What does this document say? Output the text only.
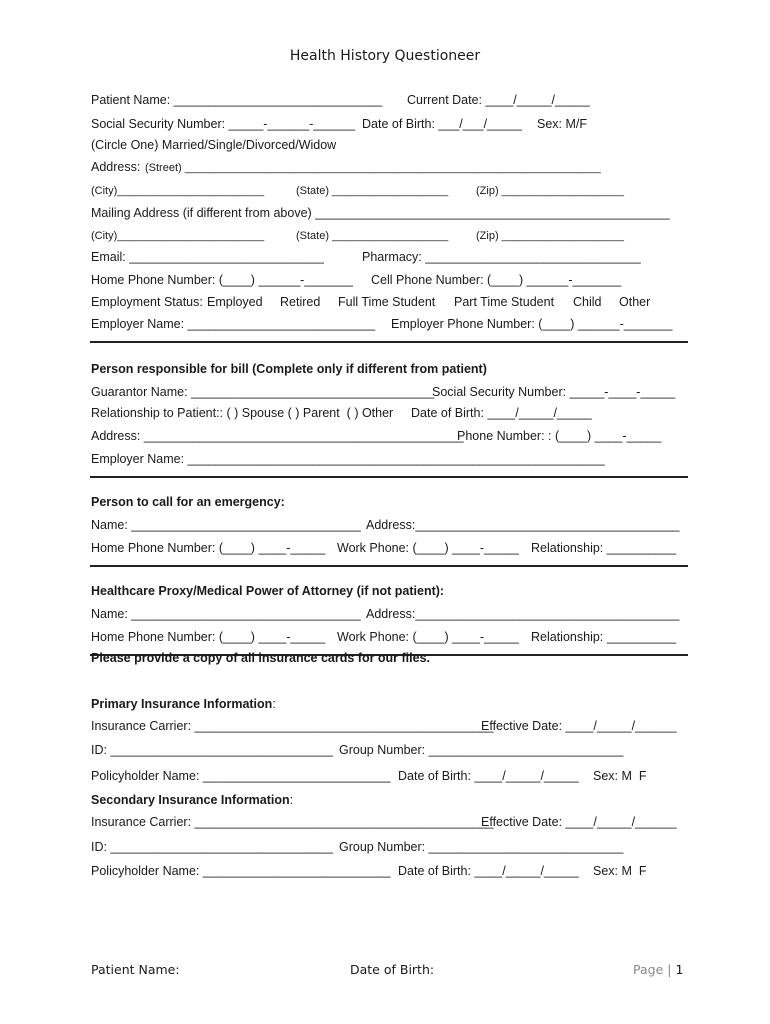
Health History Questioneer
Patient Name: ______________________________ Current Date: ____/_____/_____
Social Security Number: _____-______-______ Date of Birth: ___/___/_____ Sex: M/F
(Circle One) Married/Single/Divorced/Widow
Address: (Street) ____________________________________________________________________
(City)________________________	(State) ___________________	(Zip) ____________________
Mailing Address (if different from above) ___________________________________________________
(City)________________________	(State) ___________________	(Zip) ____________________
Email: ____________________________	Pharmacy: _______________________________
Home Phone Number: (____) ______-_______ Cell Phone Number: (____) ______-_______
Employment Status: Employed Retired Full Time Student Part Time Student Child Other
Employer Name: ___________________________ Employer Phone Number: (____) ______-_______
Person responsible for bill (Complete only if different from patient)
Guarantor Name: ___________________________________
Social Security Number: _____-____-_____
Relationship to Patient:: ( ) Spouse ( ) Parent  ( ) Other Date of Birth: ____/_____/_____
Address: ______________________________________________
Phone Number: : (____) ____-_____
Employer Name: ____________________________________________________________
Person to call for an emergency:
Name: _________________________________ Address:______________________________________
Home Phone Number: (____) ____-_____ Work Phone: (____) ____-_____ Relationship: __________
Healthcare Proxy/Medical Power of Attorney (if not patient):
Name: _________________________________ Address:______________________________________
Home Phone Number: (____) ____-_____ Work Phone: (____) ____-_____ Relationship: __________
Please provide a copy of all insurance cards for our files.
Primary Insurance Information:
Insurance Carrier: ___________________________________________
Effective Date: ____/_____/______
ID: ________________________________ Group Number: ____________________________
Policyholder Name: ___________________________ Date of Birth: ____/_____/_____ Sex: M  F
Secondary Insurance Information:
Insurance Carrier: ___________________________________________
Effective Date: ____/_____/______
ID: ________________________________ Group Number: ____________________________
Policyholder Name: ___________________________ Date of Birth: ____/_____/_____ Sex: M  F
Patient Name:	Date of Birth:	Page | 1
